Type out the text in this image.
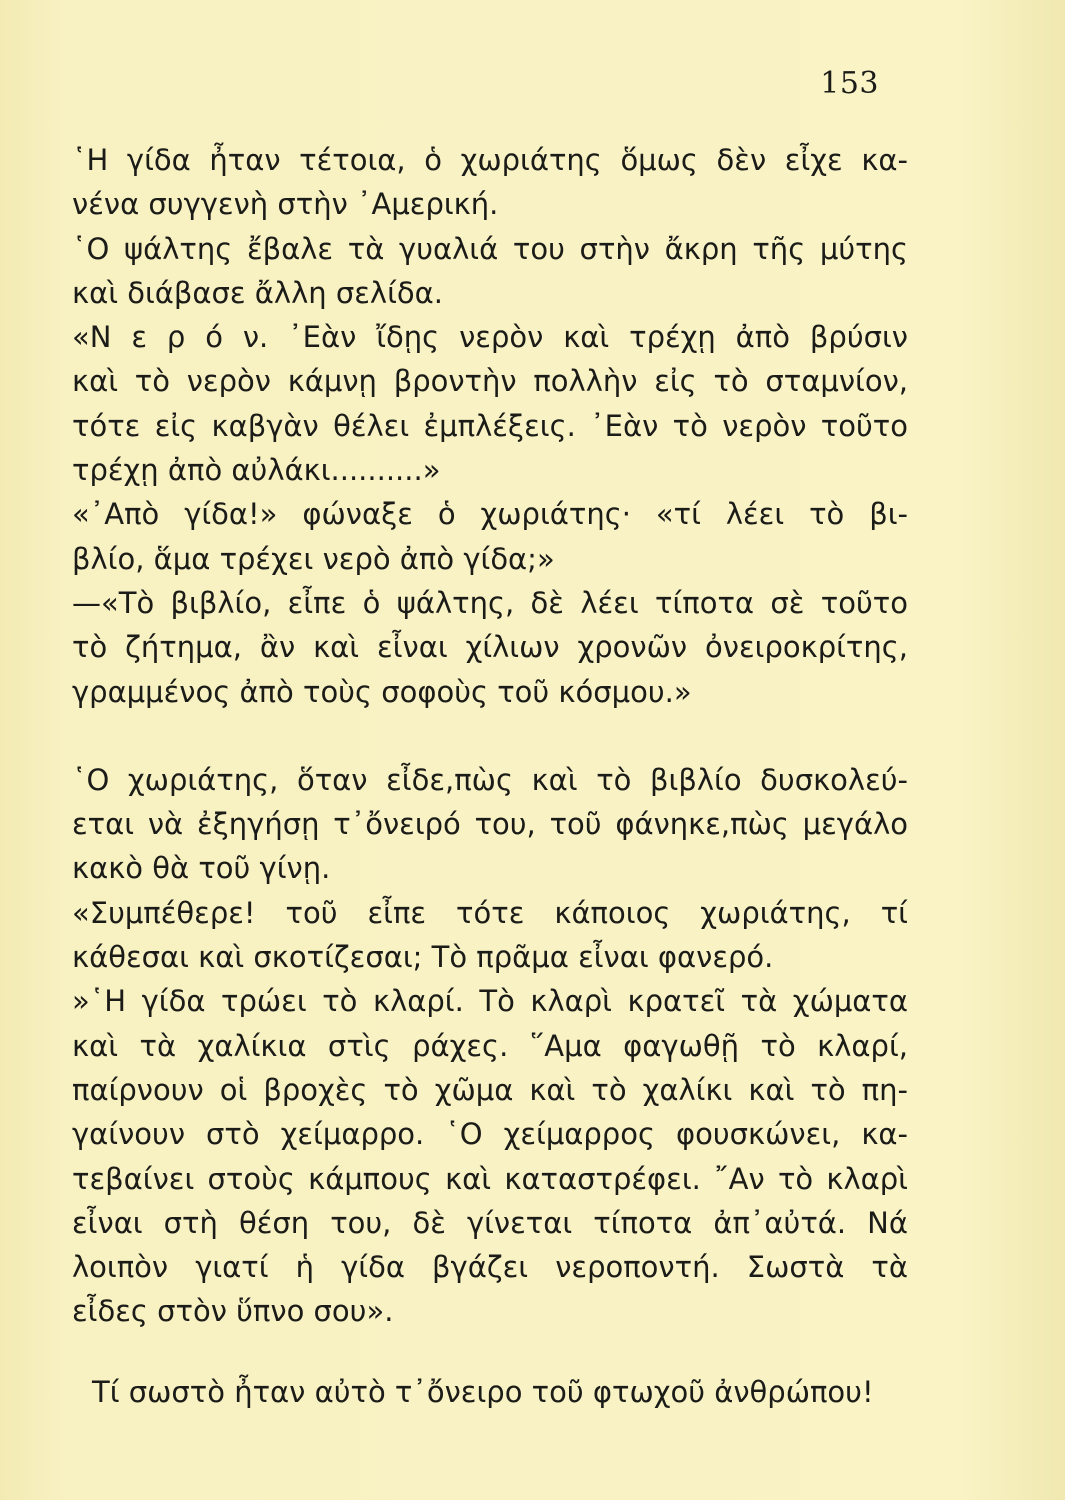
153
῾Η γίδα ἦταν τέτοια, ὁ χωριάτης ὅμως δὲν εἶχε κα-
νένα συγγενὴ στὴν ᾿Αμερική.
῾Ο ψάλτης ἔβαλε τὰ γυαλιά του στὴν ἄκρη τῆς μύτης
καὶ διάβασε ἄλλη σελίδα.
«Ν ε ρ ό ν. ᾿Εὰν ἴδῃς νερὸν καὶ τρέχῃ ἀπὸ βρύσιν
καὶ τὸ νερὸν κάμνῃ βροντὴν πολλὴν εἰς τὸ σταμνίον,
τότε εἰς καβγὰν θέλει ἐμπλέξεις. ᾿Εὰν τὸ νερὸν τοῦτο
τρέχῃ ἀπὸ αὐλάκι..........»
«᾿Απὸ γίδα!» φώναξε ὁ χωριάτης· «τί λέει τὸ βι-
βλίο, ἅμα τρέχει νερὸ ἀπὸ γίδα;»
—«Τὸ βιβλίο, εἶπε ὁ ψάλτης, δὲ λέει τίποτα σὲ τοῦτο
τὸ ζήτημα, ἂν καὶ εἶναι χίλιων χρονῶν ὀνειροκρίτης,
γραμμένος ἀπὸ τοὺς σοφοὺς τοῦ κόσμου.»
῾Ο χωριάτης, ὅταν εἶδε,πὼς καὶ τὸ βιβλίο δυσκολεύ-
εται νὰ ἐξηγήσῃ τ᾿ὄνειρό του, τοῦ φάνηκε,πὼς μεγάλο
κακὸ θὰ τοῦ γίνῃ.
«Συμπέθερε! τοῦ εἶπε τότε κάποιος χωριάτης, τί
κάθεσαι καὶ σκοτίζεσαι; Τὸ πρᾶμα εἶναι φανερό.
»῾Η γίδα τρώει τὸ κλαρί. Τὸ κλαρὶ κρατεῖ τὰ χώματα
καὶ τὰ χαλίκια στὶς ράχες. ῞Αμα φαγωθῇ τὸ κλαρί,
παίρνουν οἱ βροχὲς τὸ χῶμα καὶ τὸ χαλίκι καὶ τὸ πη-
γαίνουν στὸ χείμαρρο. ῾Ο χείμαρρος φουσκώνει, κα-
τεβαίνει στοὺς κάμπους καὶ καταστρέφει. ῎Αν τὸ κλαρὶ
εἶναι στὴ θέση του, δὲ γίνεται τίποτα ἀπ᾿αὐτά. Νά
λοιπὸν γιατί ἡ γίδα βγάζει νεροποντή. Σωστὰ τὰ
εἶδες στὸν ὕπνο σου».
Τί σωστὸ ἦταν αὐτὸ τ᾿ὄνειρο τοῦ φτωχοῦ ἀνθρώπου!
